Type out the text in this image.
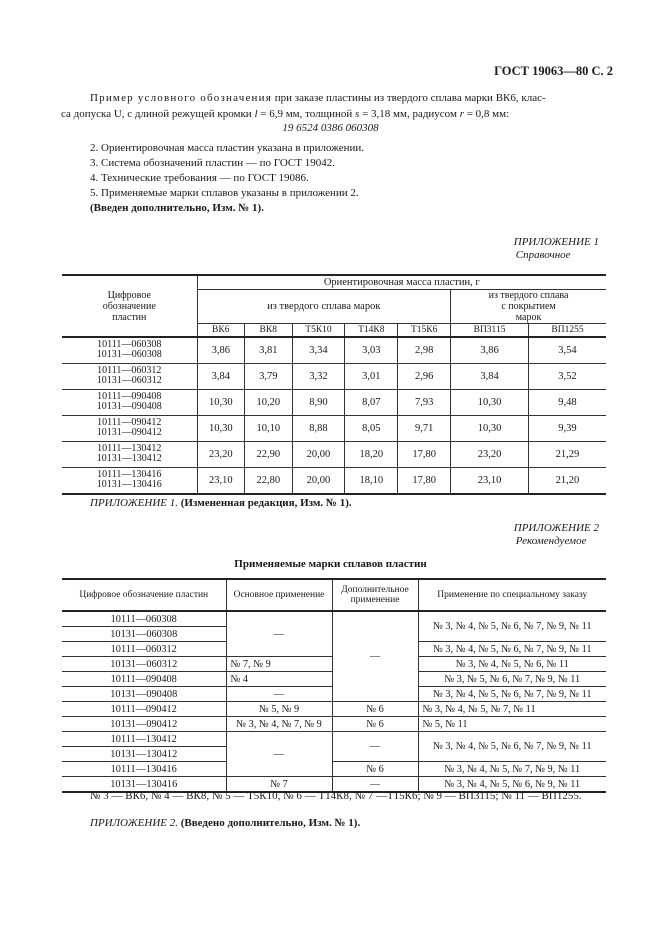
ГОСТ 19063—80 С. 2
Пример условного обозначения при заказе пластины из твердого сплава марки ВК6, клас-
са допуска U, с длиной режущей кромки l = 6,9 мм, толщиной s = 3,18 мм, радиусом r = 0,8 мм:
19 6524 0386 060308
2. Ориентировочная масса пластин указана в приложении.
3. Система обозначений пластин — по ГОСТ 19042.
4. Технические требования — по ГОСТ 19086.
5. Применяемые марки сплавов указаны в приложении 2.
(Введен дополнительно, Изм. № 1).
ПРИЛОЖЕНИЕ 1
Справочное
Цифровое обозначение пластин	Ориентировочная масса пластин, г						
	из твердого сплава марок					из твердого сплава с покрытием марок	

	ВК6	ВК8	Т5К10	Т14К8	Т15К6	ВП3115	ВП1255

10111—060308
10131—060308	3,86	3,81	3,34	3,03	2,98	3,86	3,54

10111—060312
10131—060312	3,84	3,79	3,32	3,01	2,96	3,84	3,52

10111—090408
10131—090408	10,30	10,20	8,90	8,07	7,93	10,30	9,48

10111—090412
10131—090412	10,30	10,10	8,88	8,05	9,71	10,30	9,39

10111—130412
10131—130412	23,20	22,90	20,00	18,20	17,80	23,20	21,29

10111—130416
10131—130416	23,10	22,80	20,00	18,10	17,80	23,10	21,20
ПРИЛОЖЕНИЕ 1. (Измененная редакция, Изм. № 1).
ПРИЛОЖЕНИЕ 2
Рекомендуемое
Применяемые марки сплавов пластин
Цифровое обозначение пластин	Основное применение	Дополнительное применение	Применение по специальному заказу
10111—060308	—	—	№ 3, № 4, № 5, № 6, № 7, № 9, № 11
10131—060308			
10111—060312			№ 3, № 4, № 5, № 6, № 7, № 9, № 11
10131—060312	№ 7, № 9		№ 3, № 4, № 5, № 6, № 11
10111—090408	№ 4		№ 3, № 5, № 6, № 7, № 9, № 11
10131—090408	—		№ 3, № 4, № 5, № 6, № 7, № 9, № 11
10111—090412	№ 5, № 9	№ 6	№ 3, № 4, № 5, № 7, № 11
10131—090412	№ 3, № 4, № 7, № 9	№ 6	№ 5, № 11
10111—130412	—	—	№ 3, № 4, № 5, № 6, № 7, № 9, № 11
10131—130412			
10111—130416		№ 6	№ 3, № 4, № 5, № 7, № 9, № 11
10131—130416	№ 7	—	№ 3, № 4, № 5, № 6, № 9, № 11
№ 3 — ВК6, № 4 — ВК8, № 5 — Т5К10, № 6 — Т14К8, № 7 —Т15К6; № 9 — ВП3115; № 11 — ВП1255.
ПРИЛОЖЕНИЕ 2. (Введено дополнительно, Изм. № 1).
